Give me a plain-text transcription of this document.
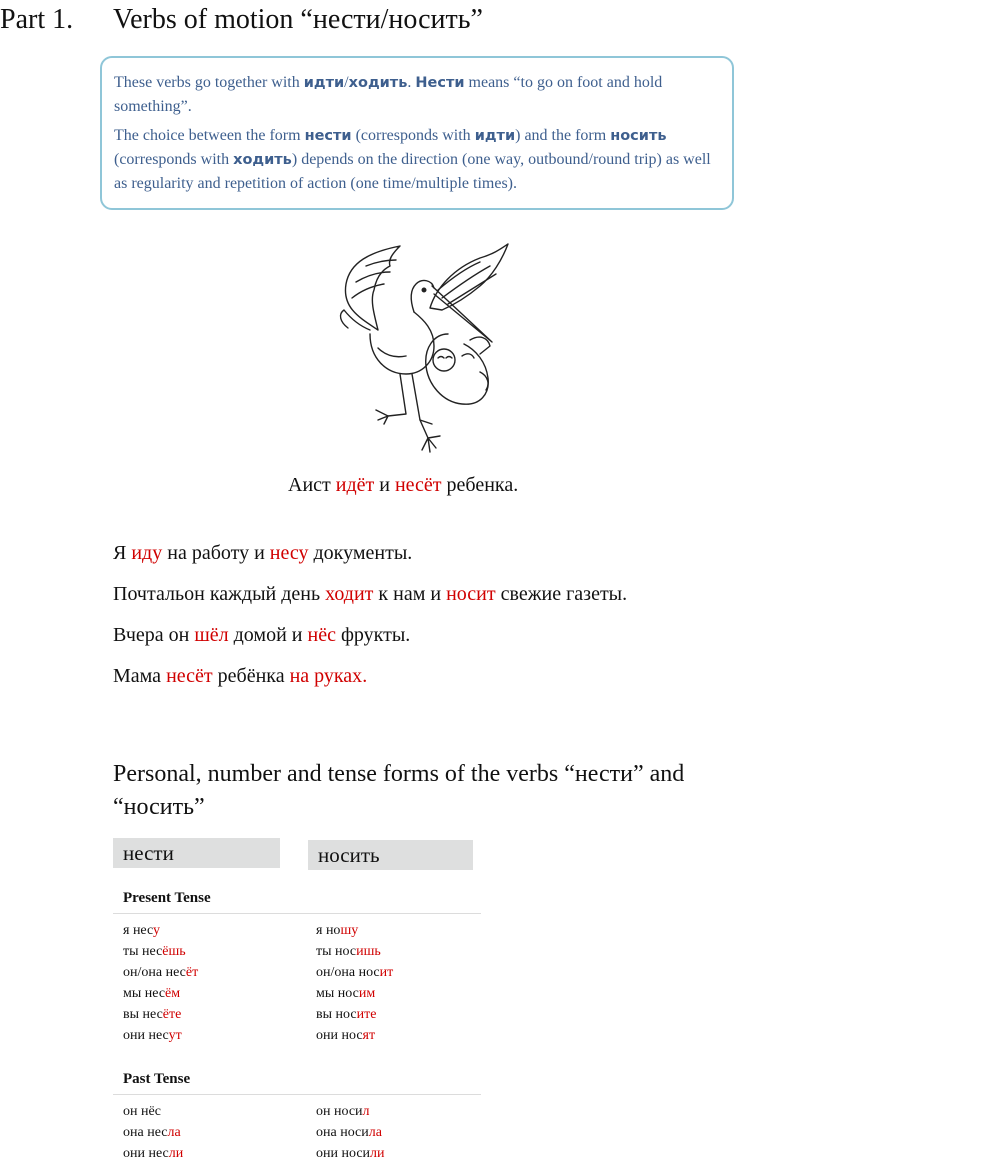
Part 1. Verbs of motion “нести/носить”

These verbs go together with идти/ходить. Нести means “to go on foot and hold something”.

The choice between the form нести (corresponds with идти) and the form носить (corresponds with ходить) depends on the direction (one way, outbound/round trip) as well as regularity and repetition of action (one time/multiple times).

Аист идёт и несёт ребенка.
Я иду на работу и несу документы.
Почтальон каждый день ходит к нам и носит свежие газеты.
Вчера он шёл домой и нёс фрукты.
Мама несёт ребёнка на руках.
Personal, number and tense forms of the verbs “нести” and “носить”
нести	носить
Present Tense
я несу
ты несёшь
он/она несёт
мы несём
вы несёте
они несут
я ношу
ты носишь
он/она носит
мы носим
вы носите
они носят
Past Tense
он нёс
она несла
они несли
он носил
она носила
они носили
